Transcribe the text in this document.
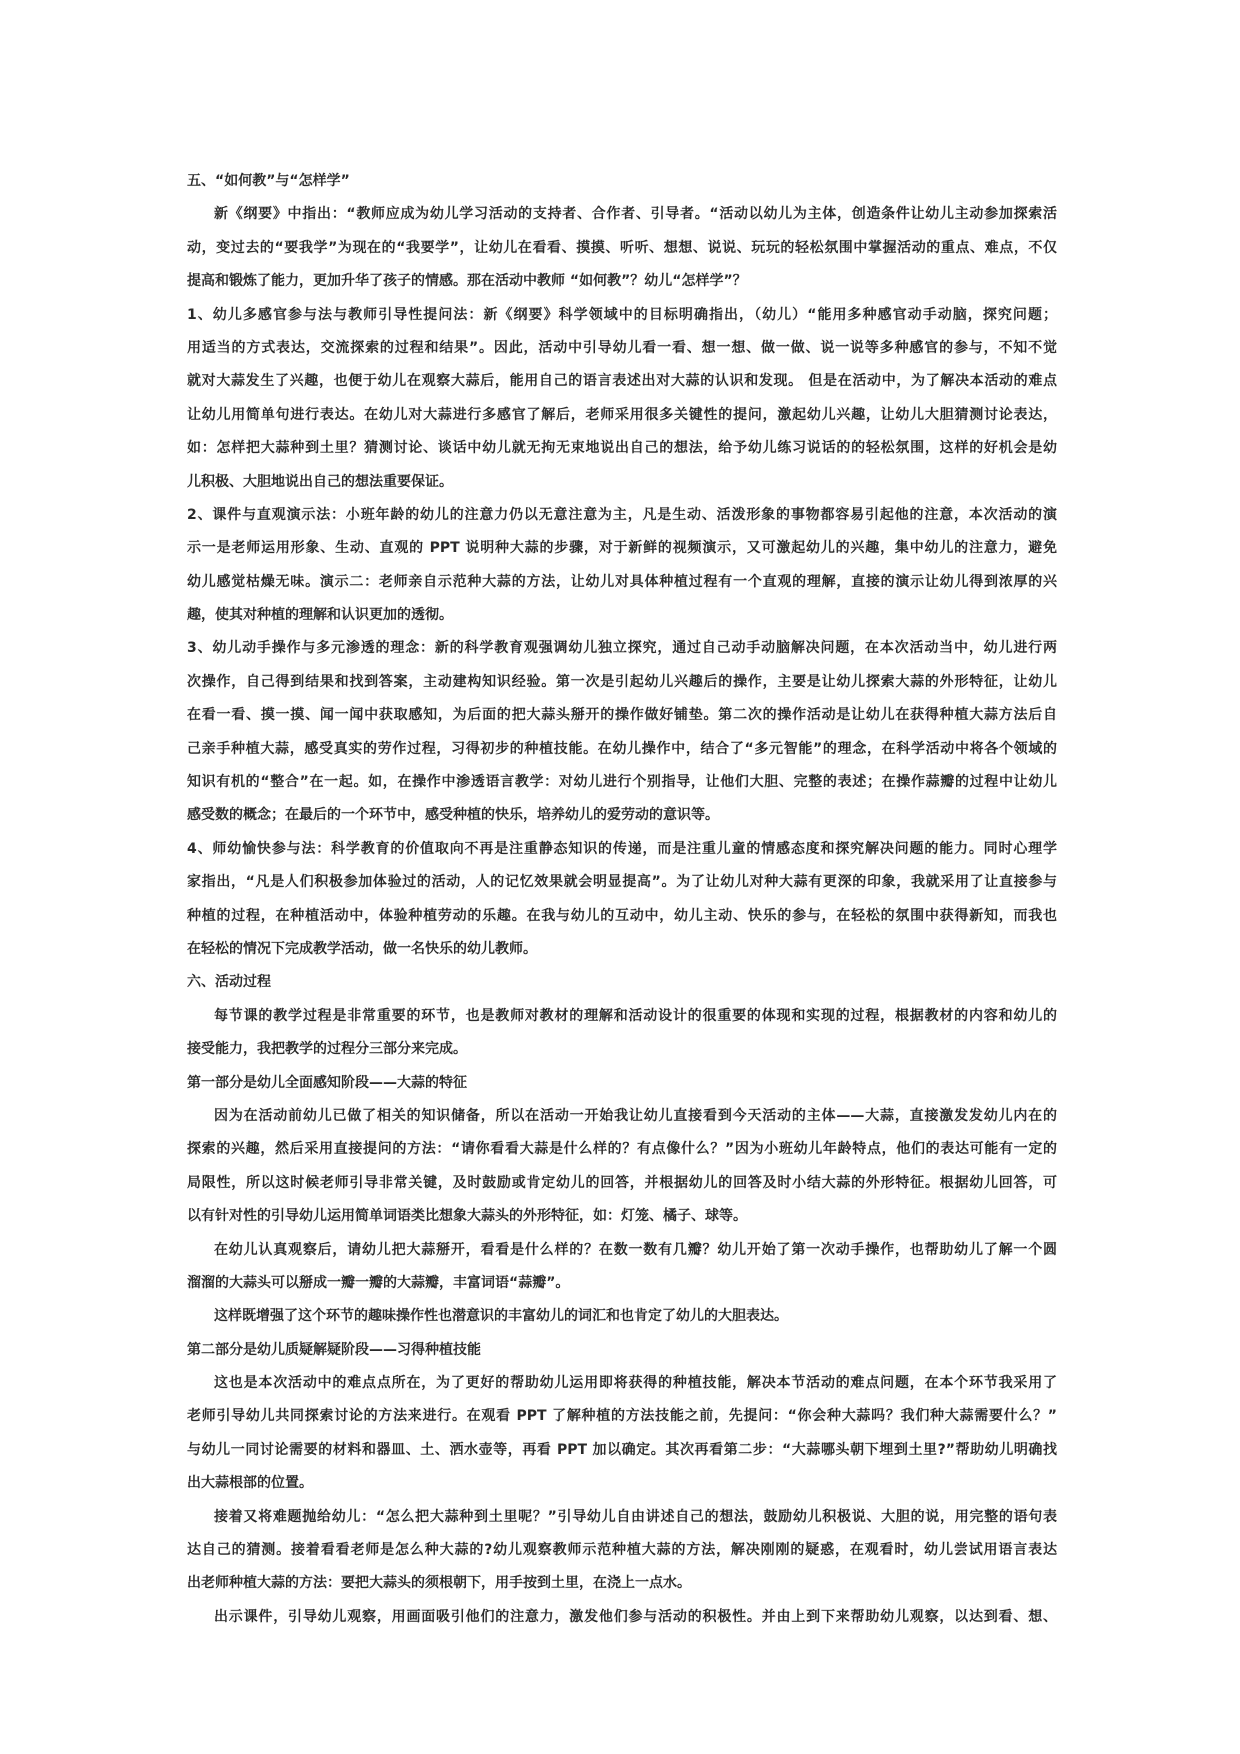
五、“如何教”与“怎样学”
新《纲要》中指出：“教师应成为幼儿学习活动的支持者、合作者、引导者。“活动以幼儿为主体，创造条件让幼儿主动参加探索活
动，变过去的“要我学”为现在的“我要学”，让幼儿在看看、摸摸、听听、想想、说说、玩玩的轻松氛围中掌握活动的重点、难点，不仅
提高和锻炼了能力，更加升华了孩子的情感。那在活动中教师 “如何教”？幼儿“怎样学”？
1、幼儿多感官参与法与教师引导性提问法：新《纲要》科学领域中的目标明确指出，（幼儿）“能用多种感官动手动脑，探究问题；
用适当的方式表达，交流探索的过程和结果”。因此，活动中引导幼儿看一看、想一想、做一做、说一说等多种感官的参与，不知不觉
就对大蒜发生了兴趣，也便于幼儿在观察大蒜后，能用自己的语言表述出对大蒜的认识和发现。 但是在活动中，为了解决本活动的难点
让幼儿用简单句进行表达。在幼儿对大蒜进行多感官了解后，老师采用很多关键性的提问，激起幼儿兴趣，让幼儿大胆猜测讨论表达，
如：怎样把大蒜种到土里？猜测讨论、谈话中幼儿就无拘无束地说出自己的想法，给予幼儿练习说话的的轻松氛围，这样的好机会是幼
儿积极、大胆地说出自己的想法重要保证。
2、课件与直观演示法：小班年龄的幼儿的注意力仍以无意注意为主，凡是生动、活泼形象的事物都容易引起他的注意，本次活动的演
示一是老师运用形象、生动、直观的 PPT 说明种大蒜的步骤，对于新鲜的视频演示，又可激起幼儿的兴趣，集中幼儿的注意力，避免
幼儿感觉枯燥无味。演示二：老师亲自示范种大蒜的方法，让幼儿对具体种植过程有一个直观的理解，直接的演示让幼儿得到浓厚的兴
趣，使其对种植的理解和认识更加的透彻。
3、幼儿动手操作与多元渗透的理念：新的科学教育观强调幼儿独立探究，通过自己动手动脑解决问题，在本次活动当中，幼儿进行两
次操作，自己得到结果和找到答案，主动建构知识经验。第一次是引起幼儿兴趣后的操作，主要是让幼儿探索大蒜的外形特征，让幼儿
在看一看、摸一摸、闻一闻中获取感知，为后面的把大蒜头掰开的操作做好铺垫。第二次的操作活动是让幼儿在获得种植大蒜方法后自
己亲手种植大蒜，感受真实的劳作过程，习得初步的种植技能。在幼儿操作中，结合了“多元智能”的理念，在科学活动中将各个领域的
知识有机的“整合”在一起。如，在操作中渗透语言教学：对幼儿进行个别指导，让他们大胆、完整的表述；在操作蒜瓣的过程中让幼儿
感受数的概念；在最后的一个环节中，感受种植的快乐，培养幼儿的爱劳动的意识等。
4、师幼愉快参与法：科学教育的价值取向不再是注重静态知识的传递，而是注重儿童的情感态度和探究解决问题的能力。同时心理学
家指出，“凡是人们积极参加体验过的活动，人的记忆效果就会明显提高”。为了让幼儿对种大蒜有更深的印象，我就采用了让直接参与
种植的过程，在种植活动中，体验种植劳动的乐趣。在我与幼儿的互动中，幼儿主动、快乐的参与，在轻松的氛围中获得新知，而我也
在轻松的情况下完成教学活动，做一名快乐的幼儿教师。
六、活动过程
每节课的教学过程是非常重要的环节，也是教师对教材的理解和活动设计的很重要的体现和实现的过程，根据教材的内容和幼儿的
接受能力，我把教学的过程分三部分来完成。
第一部分是幼儿全面感知阶段——大蒜的特征
因为在活动前幼儿已做了相关的知识储备，所以在活动一开始我让幼儿直接看到今天活动的主体——大蒜，直接激发发幼儿内在的
探索的兴趣，然后采用直接提问的方法：“请你看看大蒜是什么样的？有点像什么？”因为小班幼儿年龄特点，他们的表达可能有一定的
局限性，所以这时候老师引导非常关键，及时鼓励或肯定幼儿的回答，并根据幼儿的回答及时小结大蒜的外形特征。根据幼儿回答，可
以有针对性的引导幼儿运用简单词语类比想象大蒜头的外形特征，如：灯笼、橘子、球等。
在幼儿认真观察后，请幼儿把大蒜掰开，看看是什么样的？在数一数有几瓣？幼儿开始了第一次动手操作，也帮助幼儿了解一个圆
溜溜的大蒜头可以掰成一瓣一瓣的大蒜瓣，丰富词语“蒜瓣”。
这样既增强了这个环节的趣味操作性也潜意识的丰富幼儿的词汇和也肯定了幼儿的大胆表达。
第二部分是幼儿质疑解疑阶段——习得种植技能
这也是本次活动中的难点点所在，为了更好的帮助幼儿运用即将获得的种植技能，解决本节活动的难点问题，在本个环节我采用了
老师引导幼儿共同探索讨论的方法来进行。在观看 PPT 了解种植的方法技能之前，先提问：“你会种大蒜吗？我们种大蒜需要什么？”
与幼儿一同讨论需要的材料和器皿、土、洒水壶等，再看 PPT 加以确定。其次再看第二步：“大蒜哪头朝下埋到土里?”帮助幼儿明确找
出大蒜根部的位置。
接着又将难题抛给幼儿：“怎么把大蒜种到土里呢？”引导幼儿自由讲述自己的想法，鼓励幼儿积极说、大胆的说，用完整的语句表
达自己的猜测。接着看看老师是怎么种大蒜的?幼儿观察教师示范种植大蒜的方法，解决刚刚的疑惑，在观看时，幼儿尝试用语言表达
出老师种植大蒜的方法：要把大蒜头的须根朝下，用手按到土里，在浇上一点水。
出示课件，引导幼儿观察，用画面吸引他们的注意力，激发他们参与活动的积极性。并由上到下来帮助幼儿观察，以达到看、想、
